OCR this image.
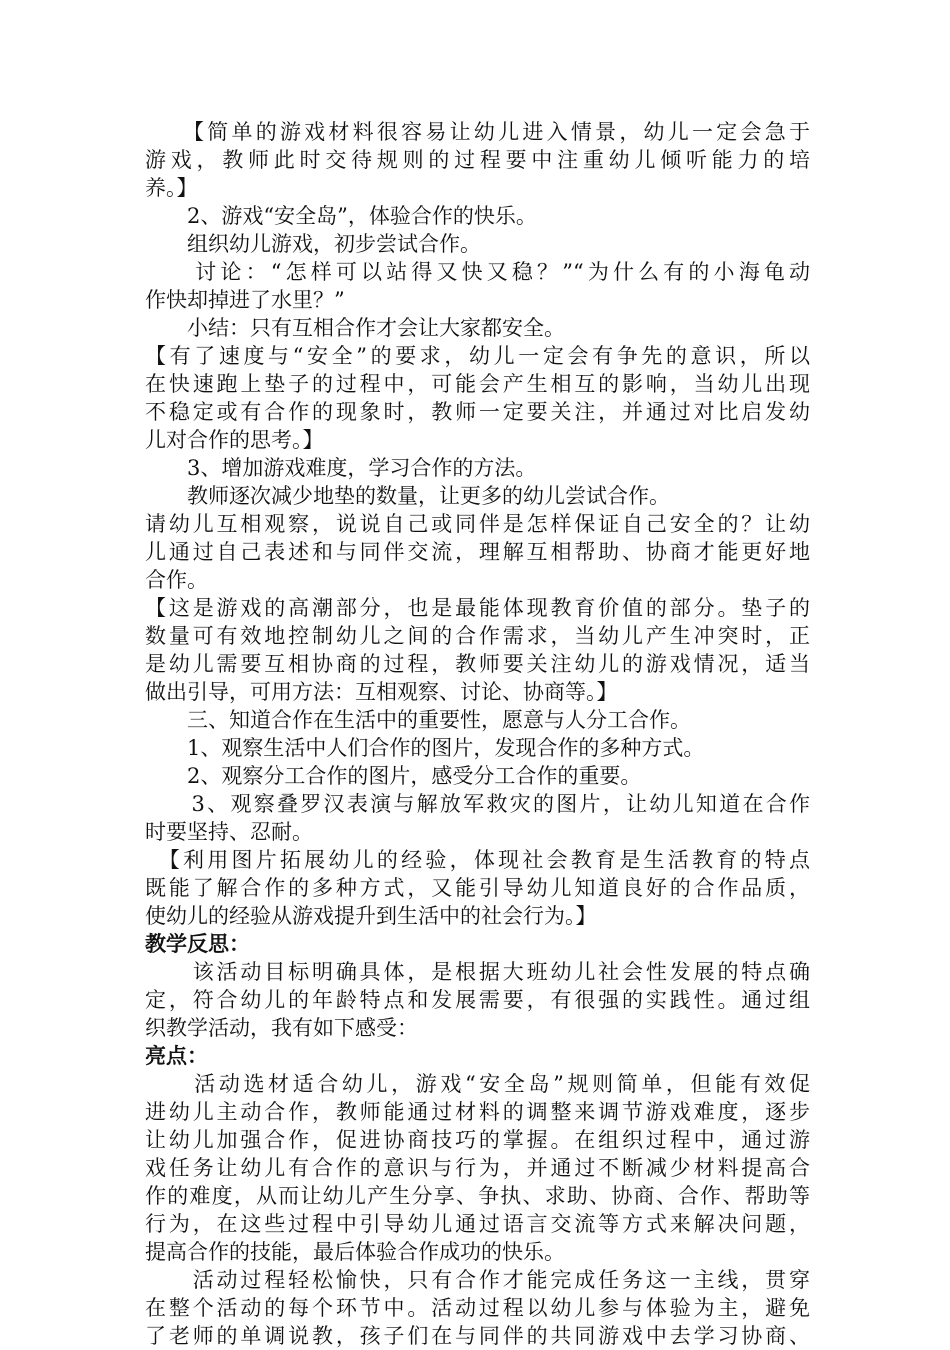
　　【简单的游戏材料很容易让幼儿进入情景，幼儿一定会急于
游戏，教师此时交待规则的过程要中注重幼儿倾听能力的培
养。】
　　2、游戏“安全岛”，体验合作的快乐。
　　组织幼儿游戏，初步尝试合作。
　　讨论：“怎样可以站得又快又稳？”“为什么有的小海龟动
作快却掉进了水里？”
　　小结：只有互相合作才会让大家都安全。
【有了速度与“安全”的要求，幼儿一定会有争先的意识，所以
在快速跑上垫子的过程中，可能会产生相互的影响，当幼儿出现
不稳定或有合作的现象时，教师一定要关注，并通过对比启发幼
儿对合作的思考。】
　　3、增加游戏难度，学习合作的方法。
　　教师逐次减少地垫的数量，让更多的幼儿尝试合作。
请幼儿互相观察，说说自己或同伴是怎样保证自己安全的？让幼
儿通过自己表述和与同伴交流，理解互相帮助、协商才能更好地
合作。
【这是游戏的高潮部分，也是最能体现教育价值的部分。垫子的
数量可有效地控制幼儿之间的合作需求，当幼儿产生冲突时，正
是幼儿需要互相协商的过程，教师要关注幼儿的游戏情况，适当
做出引导，可用方法：互相观察、讨论、协商等。】
　　三、知道合作在生活中的重要性，愿意与人分工合作。
　　1、观察生活中人们合作的图片，发现合作的多种方式。
　　2、观察分工合作的图片，感受分工合作的重要。
　　3、观察叠罗汉表演与解放军救灾的图片，让幼儿知道在合作
时要坚持、忍耐。
　【利用图片拓展幼儿的经验，体现社会教育是生活教育的特点
既能了解合作的多种方式，又能引导幼儿知道良好的合作品质，
使幼儿的经验从游戏提升到生活中的社会行为。】
教学反思：
　　该活动目标明确具体，是根据大班幼儿社会性发展的特点确
定，符合幼儿的年龄特点和发展需要，有很强的实践性。通过组
织教学活动，我有如下感受：
亮点：
　　活动选材适合幼儿，游戏“安全岛”规则简单，但能有效促
进幼儿主动合作，教师能通过材料的调整来调节游戏难度，逐步
让幼儿加强合作，促进协商技巧的掌握。在组织过程中，通过游
戏任务让幼儿有合作的意识与行为，并通过不断减少材料提高合
作的难度，从而让幼儿产生分享、争执、求助、协商、合作、帮助等
行为，在这些过程中引导幼儿通过语言交流等方式来解决问题，
提高合作的技能，最后体验合作成功的快乐。
　　活动过程轻松愉快，只有合作才能完成任务这一主线，贯穿
在整个活动的每个环节中。活动过程以幼儿参与体验为主，避免
了老师的单调说教，孩子们在与同伴的共同游戏中去学习协商、
